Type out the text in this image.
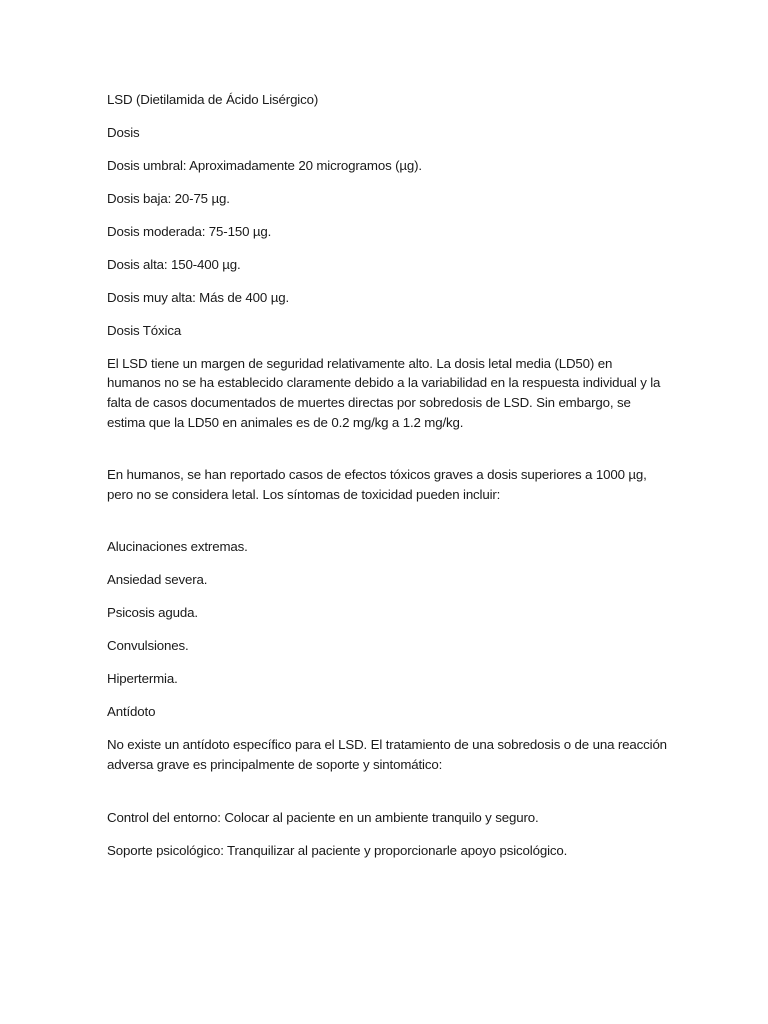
LSD (Dietilamida de Ácido Lisérgico)

Dosis

Dosis umbral: Aproximadamente 20 microgramos (µg).

Dosis baja: 20-75 µg.

Dosis moderada: 75-150 µg.

Dosis alta: 150-400 µg.

Dosis muy alta: Más de 400 µg.

Dosis Tóxica

El LSD tiene un margen de seguridad relativamente alto. La dosis letal media (LD50) en humanos no se ha establecido claramente debido a la variabilidad en la respuesta individual y la falta de casos documentados de muertes directas por sobredosis de LSD. Sin embargo, se estima que la LD50 en animales es de 0.2 mg/kg a 1.2 mg/kg.

En humanos, se han reportado casos de efectos tóxicos graves a dosis superiores a 1000 µg, pero no se considera letal. Los síntomas de toxicidad pueden incluir:

Alucinaciones extremas.

Ansiedad severa.

Psicosis aguda.

Convulsiones.

Hipertermia.

Antídoto

No existe un antídoto específico para el LSD. El tratamiento de una sobredosis o de una reacción adversa grave es principalmente de soporte y sintomático:

Control del entorno: Colocar al paciente en un ambiente tranquilo y seguro.

Soporte psicológico: Tranquilizar al paciente y proporcionarle apoyo psicológico.
